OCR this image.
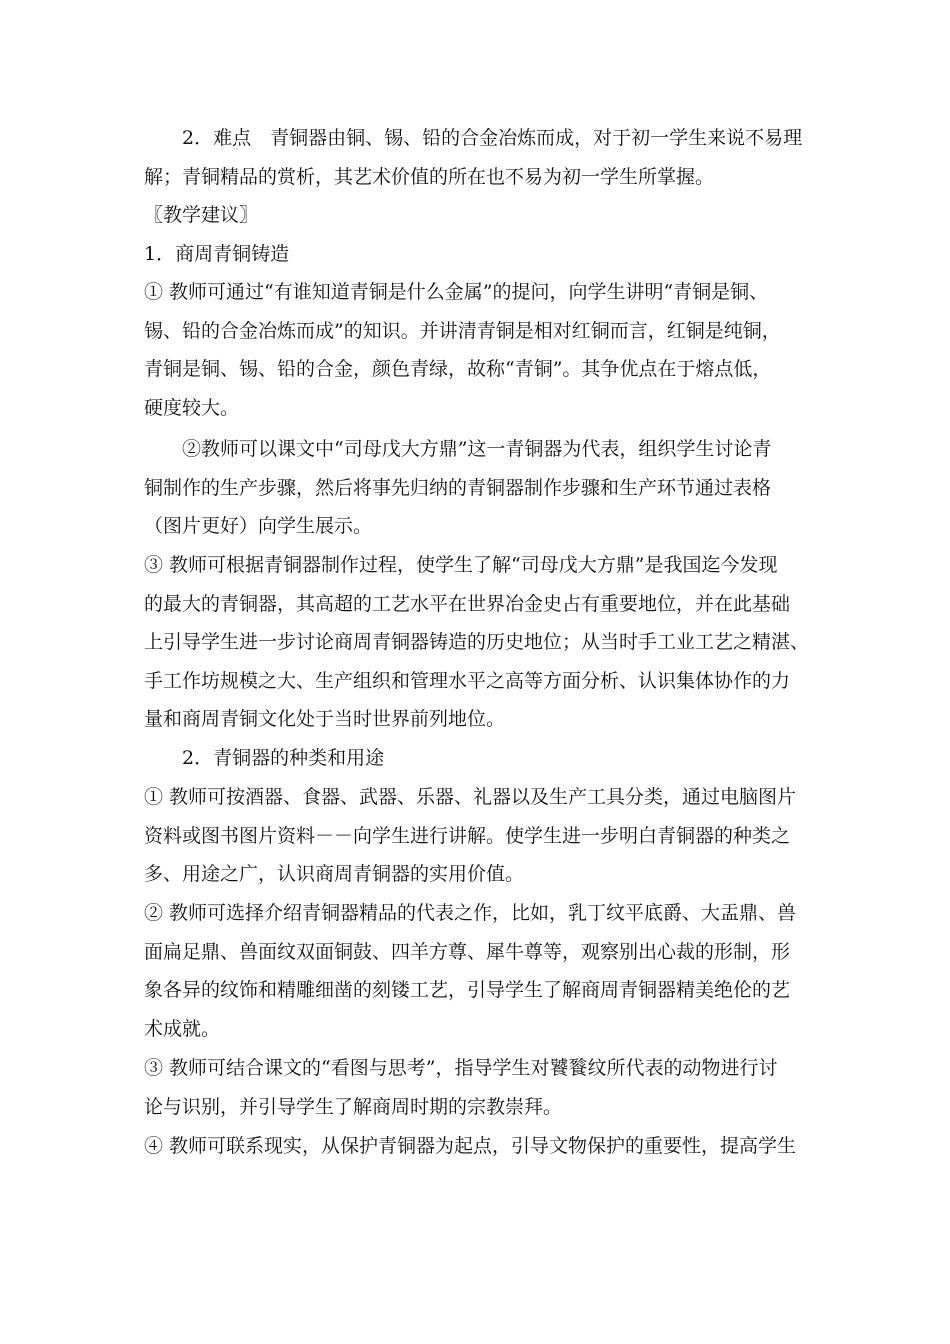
2．难点　青铜器由铜、锡、铅的合金冶炼而成，对于初一学生来说不易理
解；青铜精品的赏析，其艺术价值的所在也不易为初一学生所掌握。
〖教学建议〗
1．商周青铜铸造
① 教师可通过“有谁知道青铜是什么金属”的提问，向学生讲明“青铜是铜、
锡、铅的合金冶炼而成”的知识。并讲清青铜是相对红铜而言，红铜是纯铜，
青铜是铜、锡、铅的合金，颜色青绿，故称“青铜”。其争优点在于熔点低，
硬度较大。
②教师可以课文中“司母戊大方鼎”这一青铜器为代表，组织学生讨论青
铜制作的生产步骤，然后将事先归纳的青铜器制作步骤和生产环节通过表格
（图片更好）向学生展示。
③ 教师可根据青铜器制作过程，使学生了解“司母戊大方鼎”是我国迄今发现
的最大的青铜器，其高超的工艺水平在世界冶金史占有重要地位，并在此基础
上引导学生进一步讨论商周青铜器铸造的历史地位；从当时手工业工艺之精湛、
手工作坊规模之大、生产组织和管理水平之高等方面分析、认识集体协作的力
量和商周青铜文化处于当时世界前列地位。
2．青铜器的种类和用途
① 教师可按酒器、食器、武器、乐器、礼器以及生产工具分类，通过电脑图片
资料或图书图片资料－－向学生进行讲解。使学生进一步明白青铜器的种类之
多、用途之广，认识商周青铜器的实用价值。
② 教师可选择介绍青铜器精品的代表之作，比如，乳丁纹平底爵、大盂鼎、兽
面扁足鼎、兽面纹双面铜鼓、四羊方尊、犀牛尊等，观察别出心裁的形制，形
象各异的纹饰和精雕细凿的刻镂工艺，引导学生了解商周青铜器精美绝伦的艺
术成就。
③ 教师可结合课文的“看图与思考”，指导学生对饕餮纹所代表的动物进行讨
论与识别，并引导学生了解商周时期的宗教崇拜。
④ 教师可联系现实，从保护青铜器为起点，引导文物保护的重要性，提高学生
